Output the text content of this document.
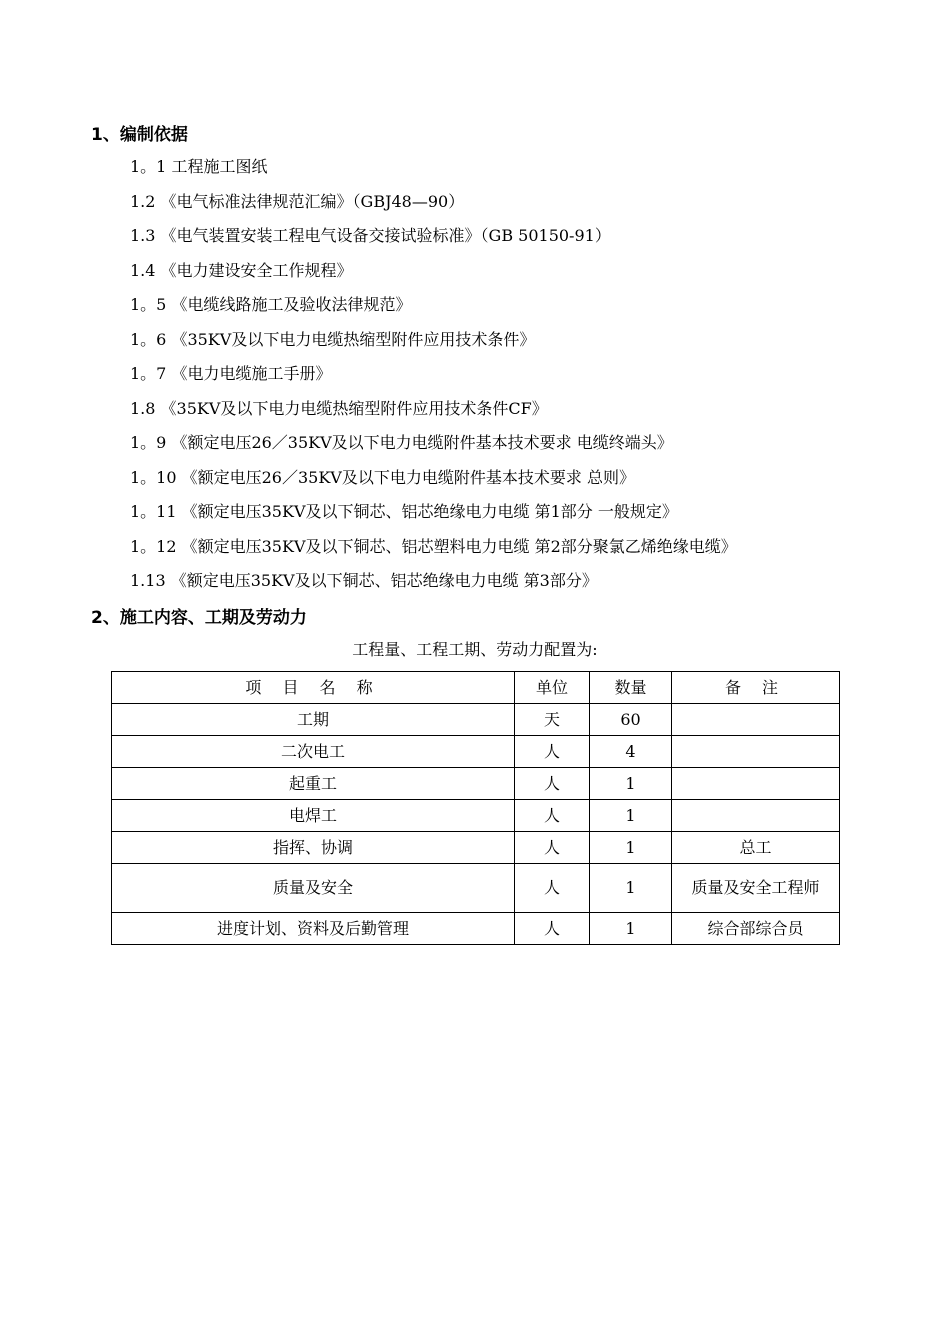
1、编制依据
1。1 工程施工图纸
1.2 《电气标准法律规范汇编》（GBJ48—90）
1.3 《电气装置安装工程电气设备交接试验标准》（GB 50150-91）
1.4 《电力建设安全工作规程》
1。5 《电缆线路施工及验收法律规范》
1。6 《35KV及以下电力电缆热缩型附件应用技术条件》
1。7 《电力电缆施工手册》
1.8 《35KV及以下电力电缆热缩型附件应用技术条件CF》
1。9 《额定电压26／35KV及以下电力电缆附件基本技术要求 电缆终端头》
1。10 《额定电压26／35KV及以下电力电缆附件基本技术要求 总则》
1。11 《额定电压35KV及以下铜芯、铝芯绝缘电力电缆 第1部分 一般规定》
1。12 《额定电压35KV及以下铜芯、铝芯塑料电力电缆 第2部分聚氯乙烯绝缘电缆》
1.13 《额定电压35KV及以下铜芯、铝芯绝缘电力电缆 第3部分》
2、施工内容、工期及劳动力
工程量、工程工期、劳动力配置为:
项 目 名 称	单位	数量	备 注
工期	天	60	
二次电工	人	4	
起重工	人	1	
电焊工	人	1	
指挥、协调	人	1	总工
质量及安全	人	1	质量及安全工程师
进度计划、资料及后勤管理	人	1	综合部综合员
